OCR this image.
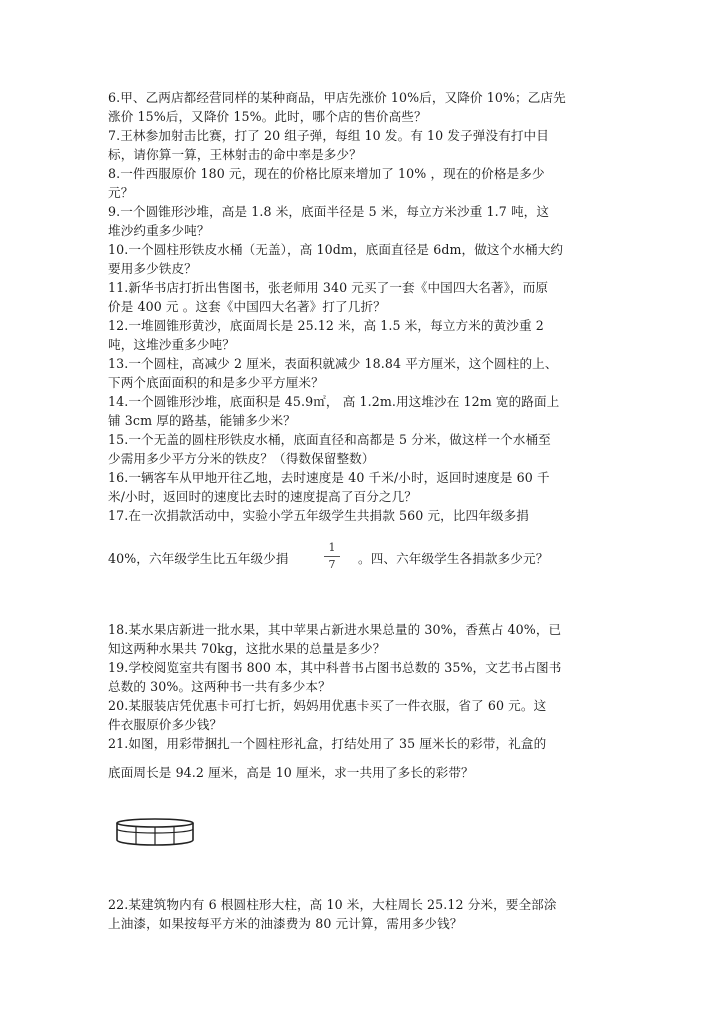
6.甲、乙两店都经营同样的某种商品，甲店先涨价 10%后，又降价 10%；乙店先
涨价 15%后，又降价 15%。此时，哪个店的售价高些？
7.王林参加射击比赛，打了 20 组子弹，每组 10 发。有 10 发子弹没有打中目
标，请你算一算，王林射击的命中率是多少？
8.一件西服原价 180 元，现在的价格比原来增加了 10% ，现在的价格是多少
元？
9.一个圆锥形沙堆，高是 1.8 米，底面半径是 5 米，每立方米沙重 1.7 吨，这
堆沙约重多少吨？
10.一个圆柱形铁皮水桶（无盖），高 10dm，底面直径是 6dm，做这个水桶大约
要用多少铁皮？
11.新华书店打折出售图书，张老师用 340 元买了一套《中国四大名著》，而原
价是 400 元 。这套《中国四大名著》打了几折？
12.一堆圆锥形黄沙，底面周长是 25.12 米，高 1.5 米，每立方米的黄沙重 2
吨，这堆沙重多少吨？
13.一个圆柱，高减少 2 厘米，表面积就减少 18.84 平方厘米，这个圆柱的上、
下两个底面面积的和是多少平方厘米？
14.一个圆锥形沙堆，底面积是 45.9㎡， 高 1.2m.用这堆沙在 12m 宽的路面上
铺 3cm 厚的路基，能铺多少米？
15.一个无盖的圆柱形铁皮水桶，底面直径和高都是 5 分米，做这样一个水桶至
少需用多少平方分米的铁皮？（得数保留整数）
16.一辆客车从甲地开往乙地，去时速度是 40 千米/小时，返回时速度是 60 千
米/小时，返回时的速度比去时的速度提高了百分之几？
17.在一次捐款活动中，实验小学五年级学生共捐款 560 元，比四年级多捐
18.某水果店新进一批水果，其中苹果占新进水果总量的 30%，香蕉占 40%，已
知这两种水果共 70kg，这批水果的总量是多少？
19.学校阅览室共有图书 800 本，其中科普书占图书总数的 35%，文艺书占图书
总数的 30%。这两种书一共有多少本？
20.某服装店凭优惠卡可打七折，妈妈用优惠卡买了一件衣服，省了 60 元。这
件衣服原价多少钱？
21.如图，用彩带捆扎一个圆柱形礼盒，打结处用了 35 厘米长的彩带，礼盒的
22.某建筑物内有 6 根圆柱形大柱，高 10 米，大柱周长 25.12 分米，要全部涂
上油漆，如果按每平方米的油漆费为 80 元计算，需用多少钱？
40%，六年级学生比五年级少捐
1
7	。四、六年级学生各捐款多少元？
底面周长是 94.2 厘米，高是 10 厘米，求一共用了多长的彩带？
